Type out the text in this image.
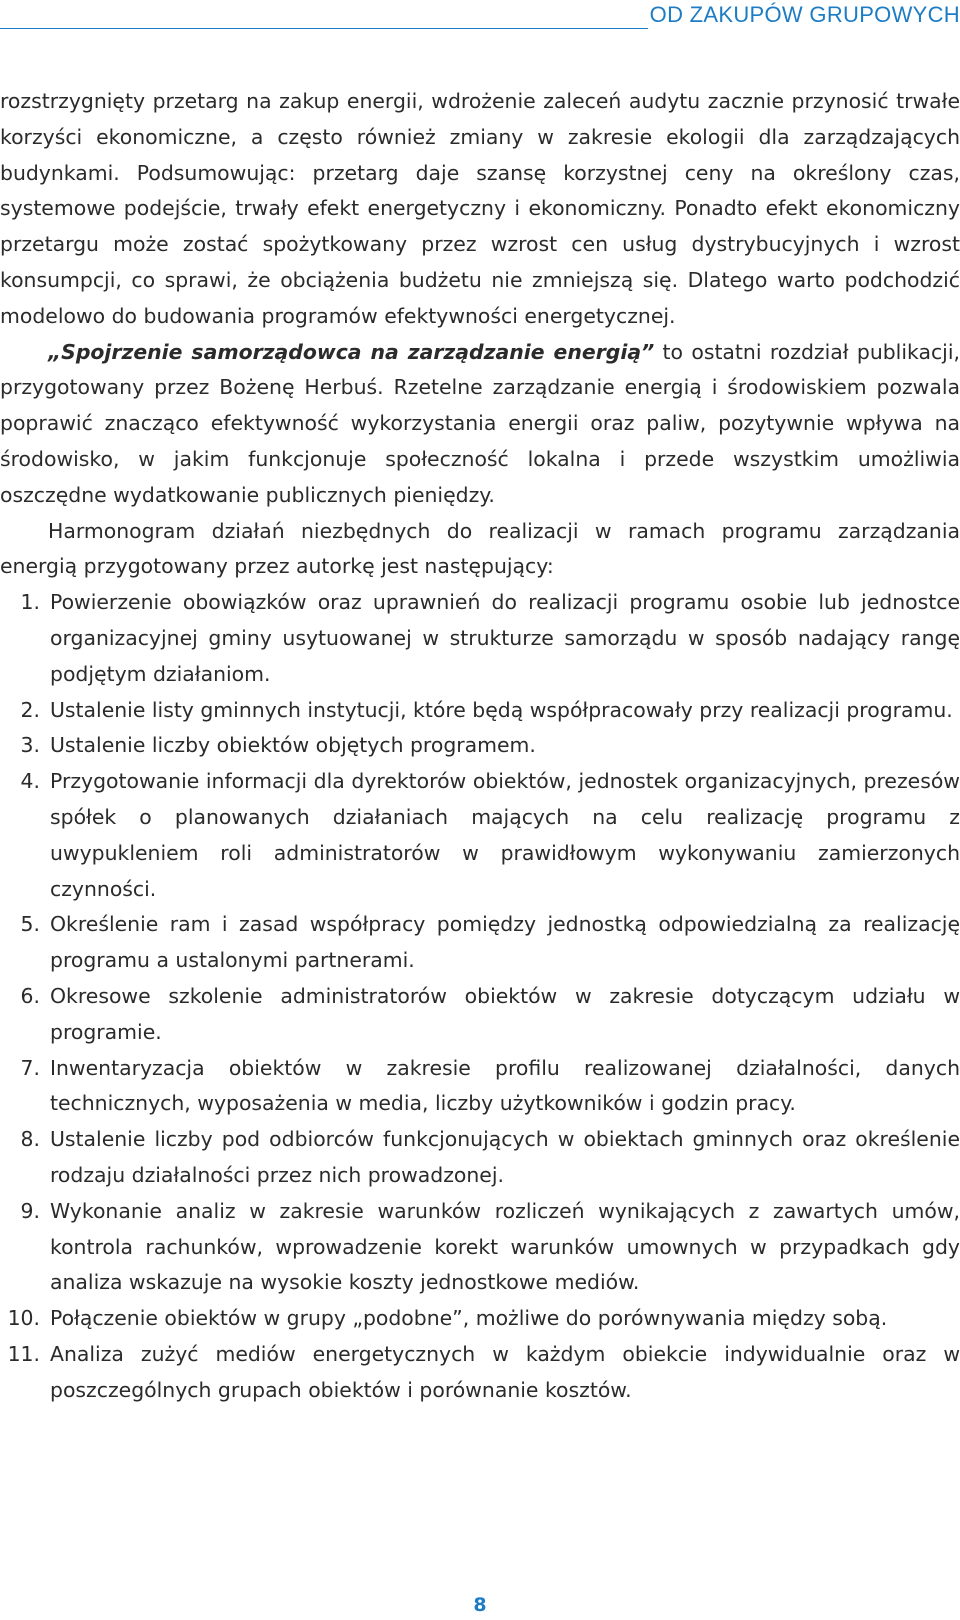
OD ZAKUPÓW GRUPOWYCH

rozstrzygnięty przetarg na zakup energii, wdrożenie zaleceń audytu zacznie przynosić trwałe korzyści ekonomiczne, a często również zmiany w zakresie ekologii dla zarządzających budynkami. Podsumowując: przetarg daje szansę korzystnej ceny na określony czas, systemowe podejście, trwały efekt energetyczny i ekonomiczny. Ponadto efekt ekonomiczny przetargu może zostać spożytkowany przez wzrost cen usług dystrybucyjnych i wzrost konsumpcji, co sprawi, że obciążenia budżetu nie zmniejszą się. Dlatego warto podchodzić modelowo do budowania programów efektywności energetycznej.

„Spojrzenie samorządowca na zarządzanie energią” to ostatni rozdział publikacji, przygotowany przez Bożenę Herbuś. Rzetelne zarządzanie energią i środowiskiem pozwala poprawić znacząco efektywność wykorzystania energii oraz paliw, pozytywnie wpływa na środowisko, w jakim funkcjonuje społeczność lokalna i przede wszystkim umożliwia oszczędne wydatkowanie publicznych pieniędzy.

Harmonogram działań niezbędnych do realizacji w ramach programu zarządzania energią przygotowany przez autorkę jest następujący:

1. Powierzenie obowiązków oraz uprawnień do realizacji programu osobie lub jednostce organizacyjnej gminy usytuowanej w strukturze samorządu w sposób nadający rangę podjętym działaniom.
2. Ustalenie listy gminnych instytucji, które będą współpracowały przy realizacji programu.
3. Ustalenie liczby obiektów objętych programem.
4. Przygotowanie informacji dla dyrektorów obiektów, jednostek organizacyjnych, prezesów spółek o planowanych działaniach mających na celu realizację programu z uwypukleniem roli administratorów w prawidłowym wykonywaniu zamierzonych czynności.
5. Określenie ram i zasad współpracy pomiędzy jednostką odpowiedzialną za realizację programu a ustalonymi partnerami.
6. Okresowe szkolenie administratorów obiektów w zakresie dotyczącym udziału w programie.
7. Inwentaryzacja obiektów w zakresie profilu realizowanej działalności, danych technicznych, wyposażenia w media, liczby użytkowników i godzin pracy.
8. Ustalenie liczby pod odbiorców funkcjonujących w obiektach gminnych oraz określenie rodzaju działalności przez nich prowadzonej.
9. Wykonanie analiz w zakresie warunków rozliczeń wynikających z zawartych umów, kontrola rachunków, wprowadzenie korekt warunków umownych w przypadkach gdy analiza wskazuje na wysokie koszty jednostkowe mediów.
10. Połączenie obiektów w grupy „podobne”, możliwe do porównywania między sobą.
11. Analiza zużyć mediów energetycznych w każdym obiekcie indywidualnie oraz w poszczególnych grupach obiektów i porównanie kosztów.
8
